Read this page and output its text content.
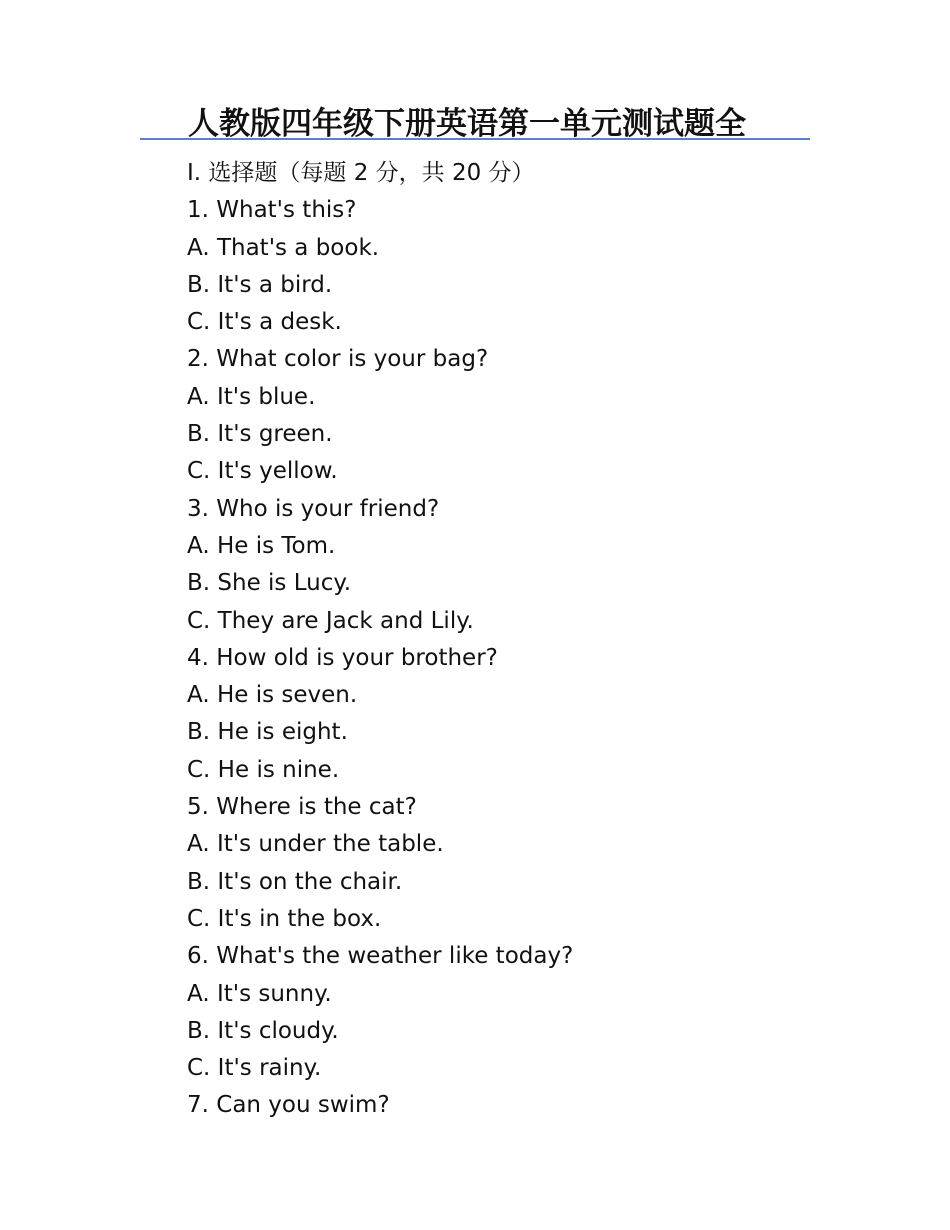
人教版四年级下册英语第一单元测试题全
I. 选择题（每题 2 分，共 20 分）
1. What's this?
A. That's a book.
B. It's a bird.
C. It's a desk.
2. What color is your bag?
A. It's blue.
B. It's green.
C. It's yellow.
3. Who is your friend?
A. He is Tom.
B. She is Lucy.
C. They are Jack and Lily.
4. How old is your brother?
A. He is seven.
B. He is eight.
C. He is nine.
5. Where is the cat?
A. It's under the table.
B. It's on the chair.
C. It's in the box.
6. What's the weather like today?
A. It's sunny.
B. It's cloudy.
C. It's rainy.
7. Can you swim?
